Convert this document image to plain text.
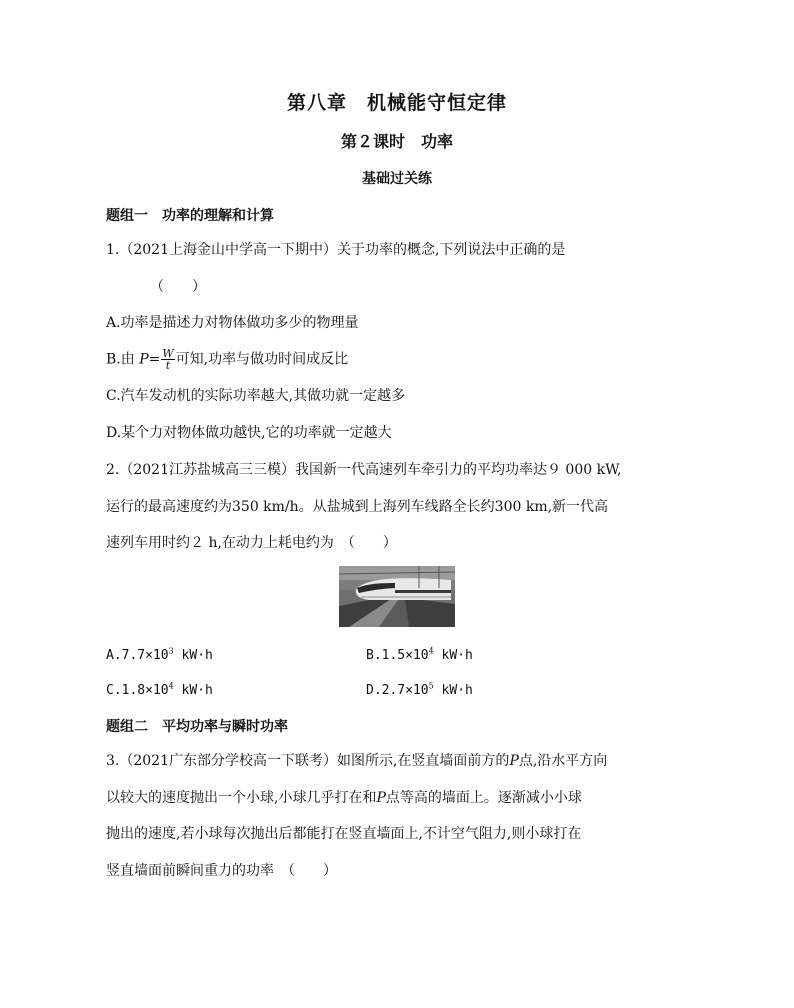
第八章　机械能守恒定律
第２课时　功率
基础过关练
题组一　功率的理解和计算
1.（2021上海金山中学高一下期中）关于功率的概念,下列说法中正确的是
（　　）
A.功率是描述力对物体做功多少的物理量
B.由 $P= \frac{W}{t}$ 可知,功率与做功时间成反比
C.汽车发动机的实际功率越大,其做功就一定越多
D.某个力对物体做功越快,它的功率就一定越大
2.（2021江苏盐城高三三模）我国新一代高速列车牵引力的平均功率达９ 000 kW,
运行的最高速度约为350 km/h。从盐城到上海列车线路全长约300 km,新一代高
速列车用时约２ h,在动力上耗电约为　（　　）
$A.7.7\times 10^3$ kW·h	$B.1.5\times 10^4$ kW·h
$C.1.8\times 10^4$ kW·h	$D.2.7\times 10^5$ kW·h
题组二　平均功率与瞬时功率
3.（2021广东部分学校高一下联考）如图所示,在竖直墙面前方的P点,沿水平方向
以较大的速度抛出一个小球,小球几乎打在和P点等高的墙面上。逐渐减小小球
抛出的速度,若小球每次抛出后都能打在竖直墙面上,不计空气阻力,则小球打在
竖直墙面前瞬间重力的功率　（　　）
